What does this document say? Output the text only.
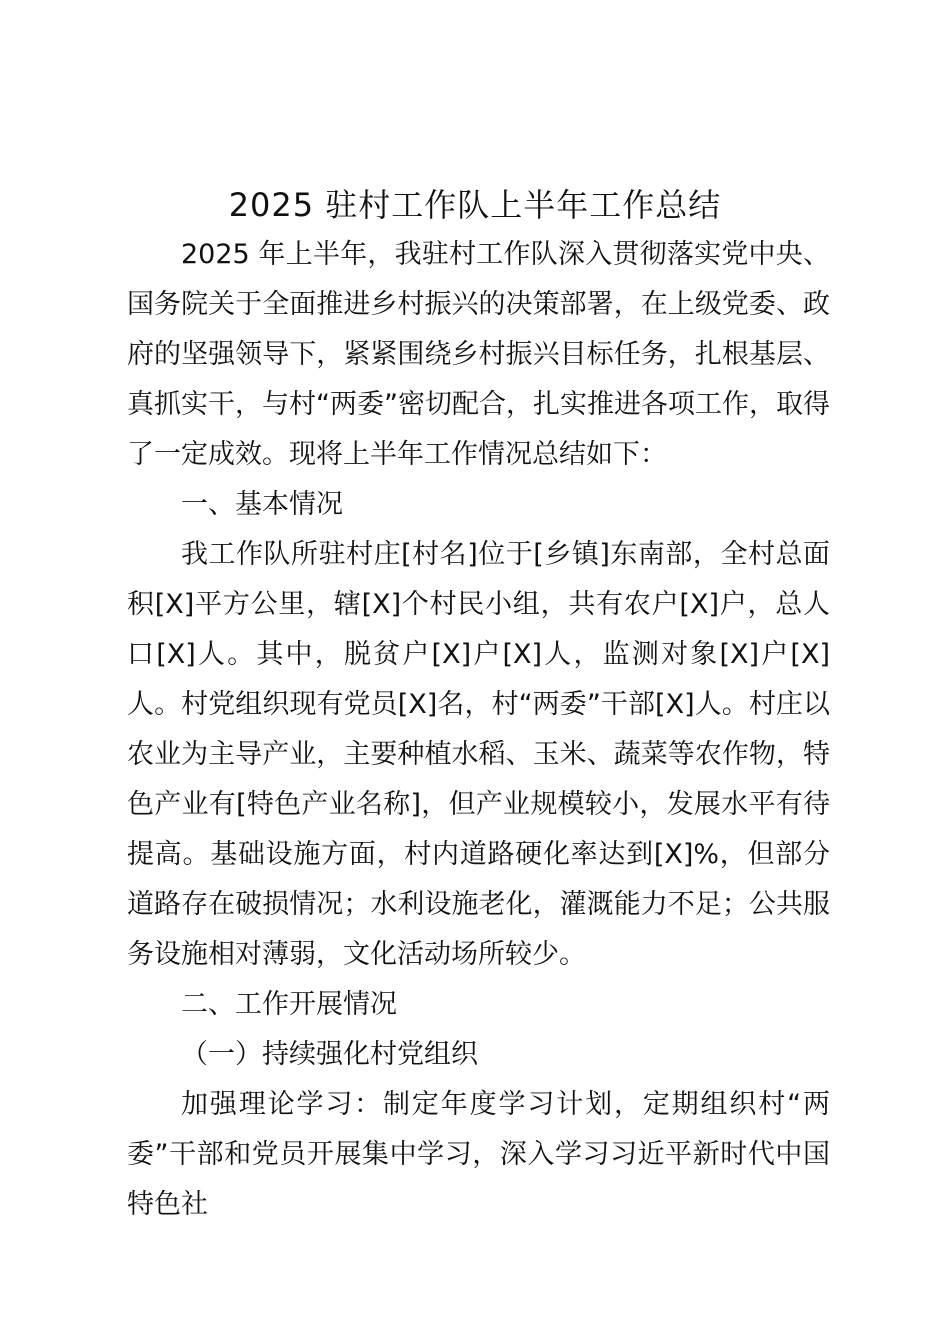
2025 驻村工作队上半年工作总结

2025 年上半年，我驻村工作队深入贯彻落实党中央、国务院关于全面推进乡村振兴的决策部署，在上级党委、政府的坚强领导下，紧紧围绕乡村振兴目标任务，扎根基层、真抓实干，与村“两委”密切配合，扎实推进各项工作，取得了一定成效。现将上半年工作情况总结如下：

一、基本情况

我工作队所驻村庄[村名]位于[乡镇]东南部，全村总面积[X]平方公里，辖[X]个村民小组，共有农户[X]户，总人口[X]人。其中，脱贫户[X]户[X]人，监测对象[X]户[X]人。村党组织现有党员[X]名，村“两委”干部[X]人。村庄以农业为主导产业，主要种植水稻、玉米、蔬菜等农作物，特色产业有[特色产业名称]，但产业规模较小，发展水平有待提高。基础设施方面，村内道路硬化率达到[X]%，但部分道路存在破损情况；水利设施老化，灌溉能力不足；公共服务设施相对薄弱，文化活动场所较少。

二、工作开展情况

（一）持续强化村党组织

加强理论学习：制定年度学习计划，定期组织村“两委”干部和党员开展集中学习，深入学习习近平新时代中国特色社
